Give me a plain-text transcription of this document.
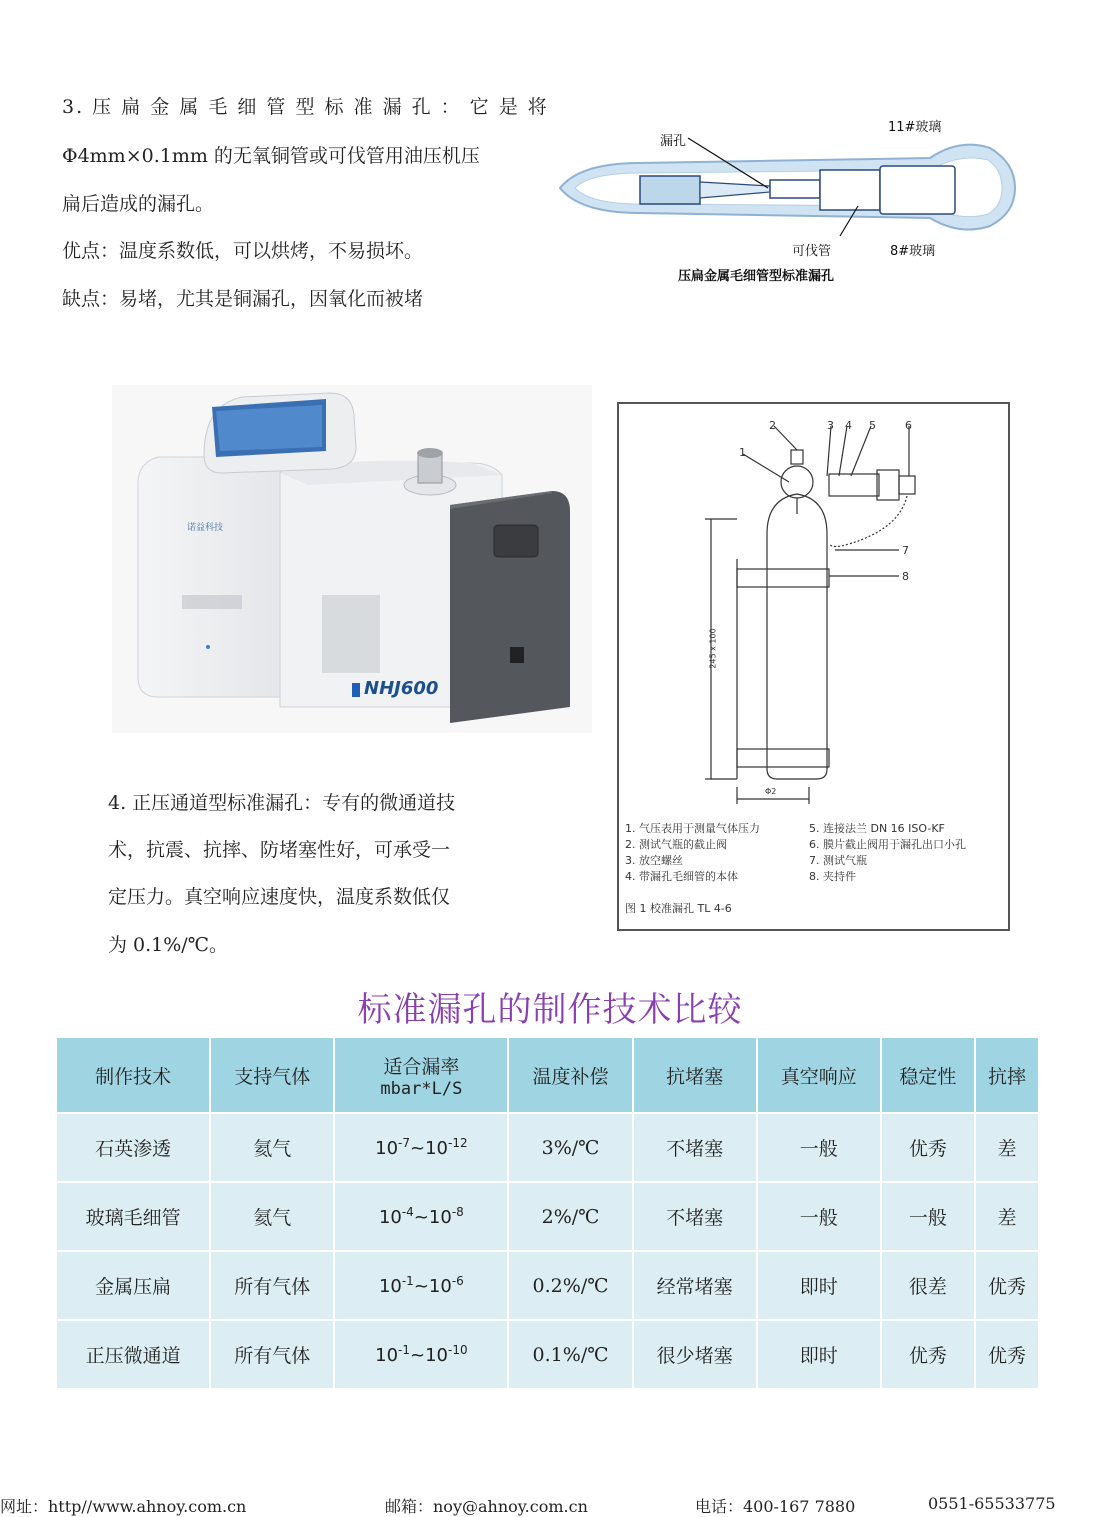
3. 压 扁 金 属 毛 细 管 型 标 准 漏 孔 ： 它 是 将
Φ4mm×0.1mm 的无氧铜管或可伐管用油压机压
扁后造成的漏孔。
优点：温度系数低，可以烘烤，不易损坏。
缺点：易堵，尤其是铜漏孔，因氧化而被堵
漏孔
11#玻璃
可伐管	8#玻璃
压扁金属毛细管型标准漏孔
诺益科技
NHJ600
2
1
3 4 5	6
7
8
245 x 100
Φ2
1. 气压表用于测量气体压力
2. 测试气瓶的截止阀
3. 放空螺丝
4. 带漏孔毛细管的本体
5. 连接法兰 DN 16 ISO-KF
6. 膜片截止阀用于漏孔出口小孔
7. 测试气瓶
8. 夹持件
图 1 校准漏孔 TL 4-6
4. 正压通道型标准漏孔：专有的微通道技
术，抗震、抗摔、防堵塞性好，可承受一
定压力。真空响应速度快，温度系数低仅
为 0.1%/℃。
标准漏孔的制作技术比较
制作技术	支持气体	适合漏率
mbar*L/S	温度补偿	抗堵塞	真空响应	稳定性	抗摔
石英渗透	氦气	$10^{-7}\sim 10^{-12}$	3%/℃	不堵塞	一般	优秀	差
玻璃毛细管	氦气	$10^{-4}\sim 10^{-8}$	2%/℃	不堵塞	一般	一般	差
金属压扁	所有气体	$10^{-1}\sim 10^{-6}$	0.2%/℃	经常堵塞	即时	很差	优秀
正压微通道	所有气体	$10^{-1}\sim 10^{-10}$	0.1%/℃	很少堵塞	即时	优秀	优秀
网址：http//www.ahnoy.com.cn	邮箱：noy@ahnoy.com.cn	电话：400-167 7880	0551-65533775
